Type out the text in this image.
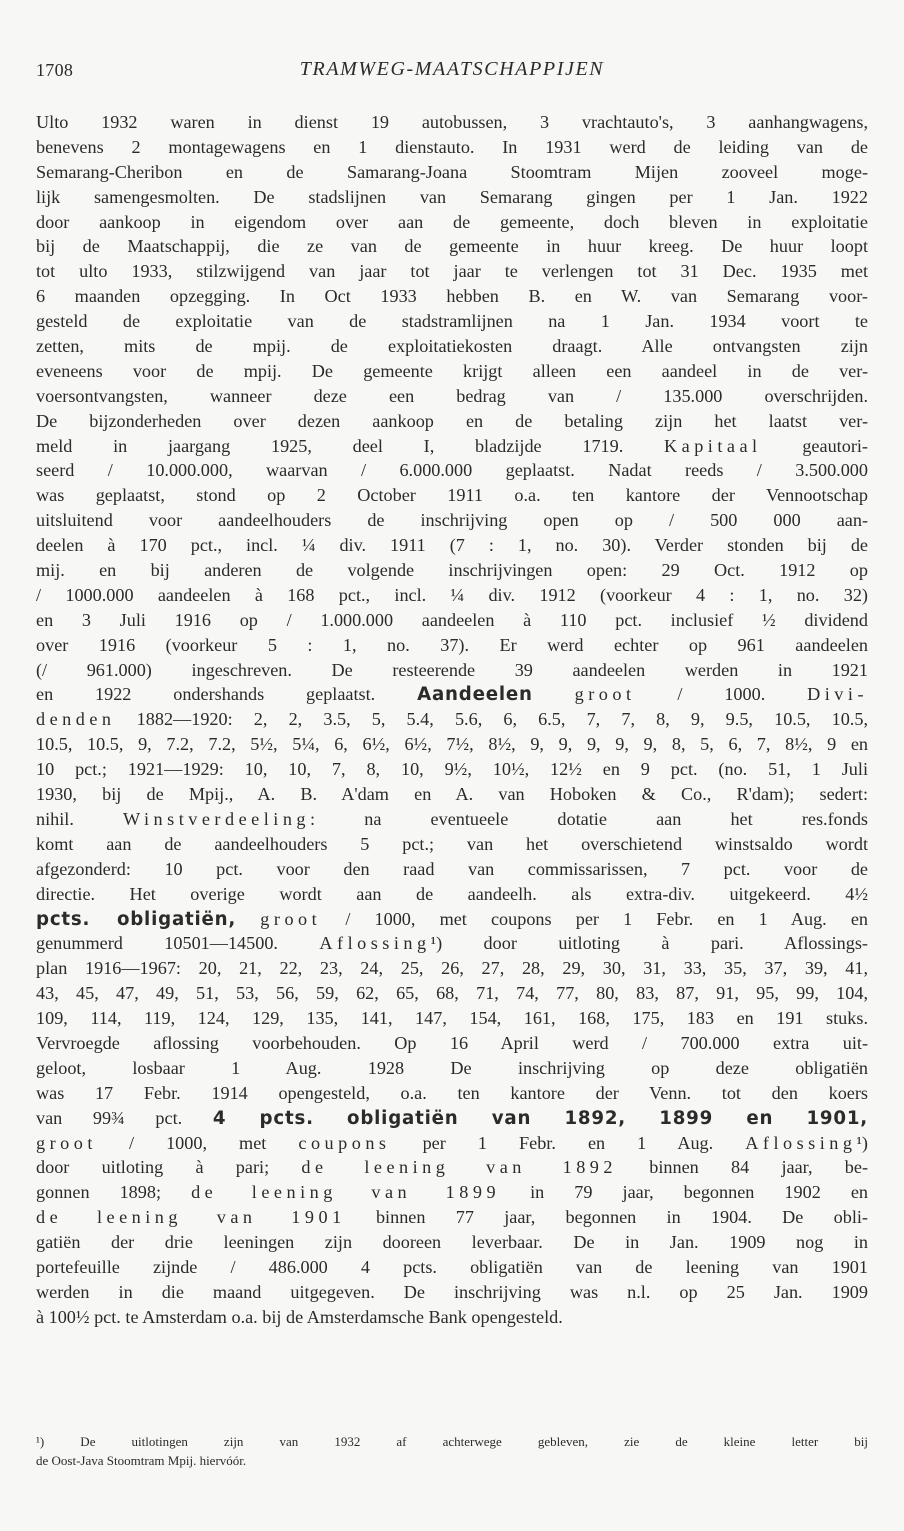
1708	TRAMWEG-MAATSCHAPPIJEN
Ulto 1932 waren in dienst 19 autobussen, 3 vrachtauto's, 3 aanhangwagens,
benevens 2 montagewagens en 1 dienstauto. In 1931 werd de leiding van de
Semarang-Cheribon en de Samarang-Joana Stoomtram Mijen zooveel moge-
lijk samengesmolten. De stadslijnen van Semarang gingen per 1 Jan. 1922
door aankoop in eigendom over aan de gemeente, doch bleven in exploitatie
bij de Maatschappij, die ze van de gemeente in huur kreeg. De huur loopt
tot ulto 1933, stilzwijgend van jaar tot jaar te verlengen tot 31 Dec. 1935 met
6 maanden opzegging. In Oct 1933 hebben B. en W. van Semarang voor-
gesteld de exploitatie van de stadstramlijnen na 1 Jan. 1934 voort te
zetten, mits de mpij. de exploitatiekosten draagt. Alle ontvangsten zijn
eveneens voor de mpij. De gemeente krijgt alleen een aandeel in de ver-
voersontvangsten, wanneer deze een bedrag van / 135.000 overschrijden.
De bijzonderheden over dezen aankoop en de betaling zijn het laatst ver-
meld in jaargang 1925, deel I, bladzijde 1719. Kapitaal geautori-
seerd / 10.000.000, waarvan / 6.000.000 geplaatst. Nadat reeds / 3.500.000
was geplaatst, stond op 2 October 1911 o.a. ten kantore der Vennootschap
uitsluitend voor aandeelhouders de inschrijving open op / 500 000 aan-
deelen à 170 pct., incl. ¼ div. 1911 (7 : 1, no. 30). Verder stonden bij de
mij. en bij anderen de volgende inschrijvingen open: 29 Oct. 1912 op
/ 1000.000 aandeelen à 168 pct., incl. ¼ div. 1912 (voorkeur 4 : 1, no. 32)
en 3 Juli 1916 op / 1.000.000 aandeelen à 110 pct. inclusief ½ dividend
over 1916 (voorkeur 5 : 1, no. 37). Er werd echter op 961 aandeelen
(/ 961.000) ingeschreven. De resteerende 39 aandeelen werden in 1921
en 1922 ondershands geplaatst. Aandeelen groot / 1000. Divi-
denden 1882—1920: 2, 2, 3.5, 5, 5.4, 5.6, 6, 6.5, 7, 7, 8, 9, 9.5, 10.5, 10.5,
10.5, 10.5, 9, 7.2, 7.2, 5½, 5¼, 6, 6½, 6½, 7½, 8½, 9, 9, 9, 9, 9, 8, 5, 6, 7, 8½, 9 en
10 pct.; 1921—1929: 10, 10, 7, 8, 10, 9½, 10½, 12½ en 9 pct. (no. 51, 1 Juli
1930, bij de Mpij., A. B. A'dam en A. van Hoboken & Co., R'dam); sedert:
nihil. Winstverdeeling: na eventueele dotatie aan het res.fonds
komt aan de aandeelhouders 5 pct.; van het overschietend winstsaldo wordt
afgezonderd: 10 pct. voor den raad van commissarissen, 7 pct. voor de
directie. Het overige wordt aan de aandeelh. als extra-div. uitgekeerd. 4½
pcts. obligatiën, groot / 1000, met coupons per 1 Febr. en 1 Aug. en
genummerd 10501—14500. Aflossing¹) door uitloting à pari. Aflossings-
plan 1916—1967: 20, 21, 22, 23, 24, 25, 26, 27, 28, 29, 30, 31, 33, 35, 37, 39, 41,
43, 45, 47, 49, 51, 53, 56, 59, 62, 65, 68, 71, 74, 77, 80, 83, 87, 91, 95, 99, 104,
109, 114, 119, 124, 129, 135, 141, 147, 154, 161, 168, 175, 183 en 191 stuks.
Vervroegde aflossing voorbehouden. Op 16 April werd / 700.000 extra uit-
geloot, losbaar 1 Aug. 1928 De inschrijving op deze obligatiën
was 17 Febr. 1914 opengesteld, o.a. ten kantore der Venn. tot den koers
van 99¾ pct. 4 pcts. obligatiën van 1892, 1899 en 1901,
groot / 1000, met coupons per 1 Febr. en 1 Aug. Aflossing¹)
door uitloting à pari; de leening van 1892 binnen 84 jaar, be-
gonnen 1898; de leening van 1899 in 79 jaar, begonnen 1902 en
de leening van 1901 binnen 77 jaar, begonnen in 1904. De obli-
gatiën der drie leeningen zijn dooreen leverbaar. De in Jan. 1909 nog in
portefeuille zijnde / 486.000 4 pcts. obligatiën van de leening van 1901
werden in die maand uitgegeven. De inschrijving was n.l. op 25 Jan. 1909
à 100½ pct. te Amsterdam o.a. bij de Amsterdamsche Bank opengesteld.
¹) De uitlotingen zijn van 1932 af achterwege gebleven, zie de kleine letter bij
de Oost-Java Stoomtram Mpij. hiervóór.
